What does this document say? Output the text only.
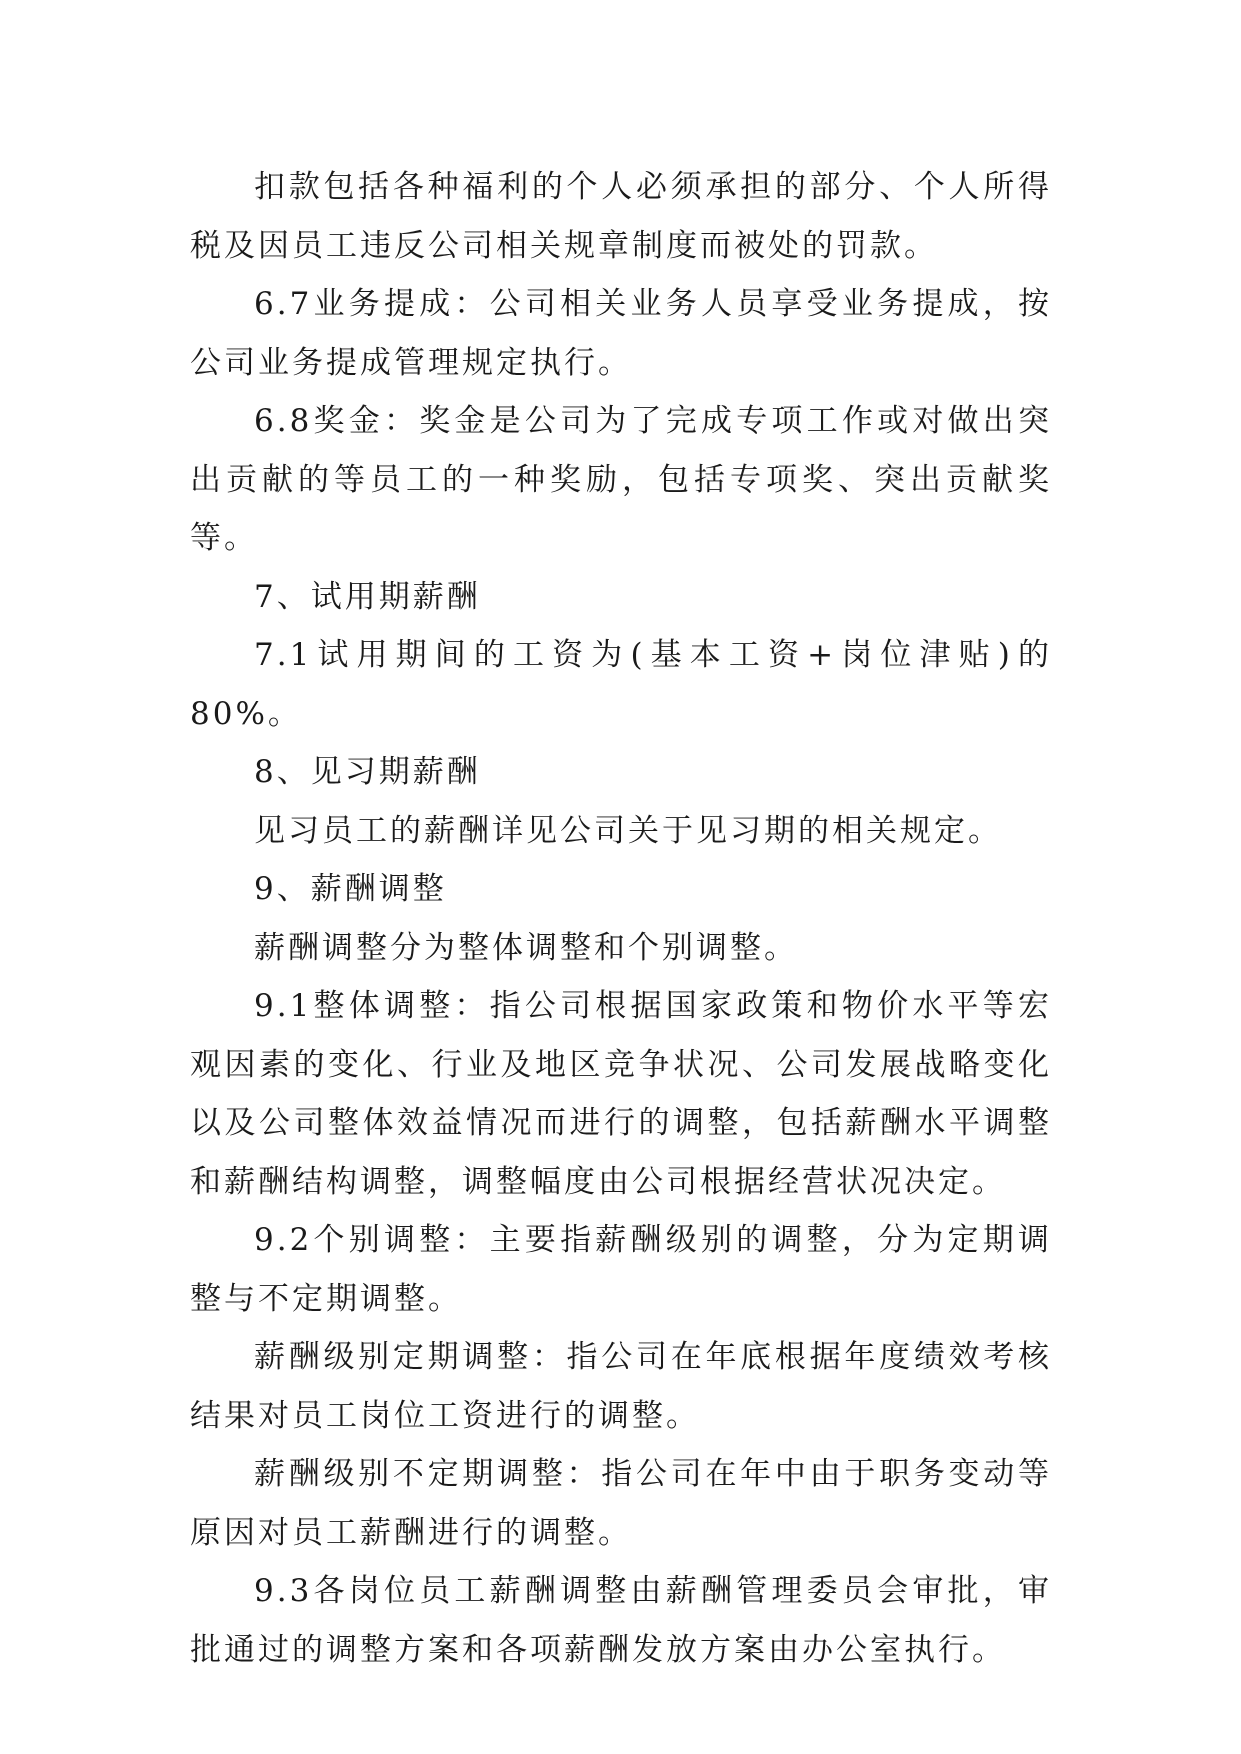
扣款包括各种福利的个人必须承担的部分、个人所得税及因员工违反公司相关规章制度而被处的罚款。

6.7业务提成：公司相关业务人员享受业务提成，按公司业务提成管理规定执行。

6.8奖金：奖金是公司为了完成专项工作或对做出突出贡献的等员工的一种奖励，包括专项奖、突出贡献奖等。

7、试用期薪酬

7.1试用期间的工资为(基本工资+岗位津贴)的80%。

8、见习期薪酬

见习员工的薪酬详见公司关于见习期的相关规定。

9、薪酬调整

薪酬调整分为整体调整和个别调整。

9.1整体调整：指公司根据国家政策和物价水平等宏观因素的变化、行业及地区竞争状况、公司发展战略变化以及公司整体效益情况而进行的调整，包括薪酬水平调整和薪酬结构调整，调整幅度由公司根据经营状况决定。

9.2个别调整：主要指薪酬级别的调整，分为定期调整与不定期调整。

薪酬级别定期调整：指公司在年底根据年度绩效考核结果对员工岗位工资进行的调整。

薪酬级别不定期调整：指公司在年中由于职务变动等原因对员工薪酬进行的调整。

9.3各岗位员工薪酬调整由薪酬管理委员会审批，审批通过的调整方案和各项薪酬发放方案由办公室执行。
